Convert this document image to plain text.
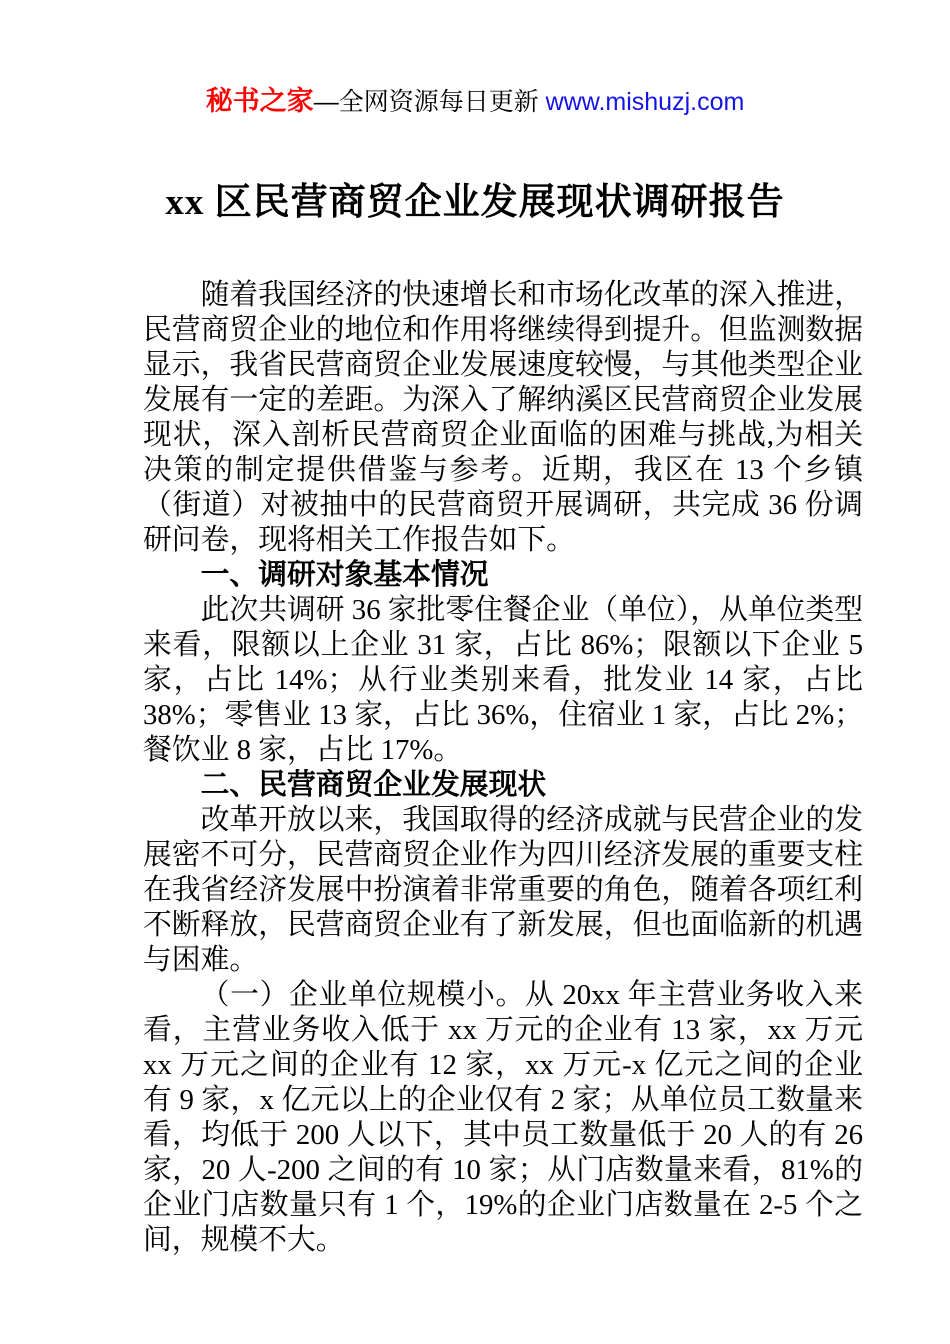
秘书之家—全网资源每日更新 www.mishuzj.com
xx 区民营商贸企业发展现状调研报告

随着我国经济的快速增长和市场化改革的深入推进，民营商贸企业的地位和作用将继续得到提升。但监测数据显示，我省民营商贸企业发展速度较慢，与其他类型企业发展有一定的差距。为深入了解纳溪区民营商贸企业发展现状，深入剖析民营商贸企业面临的困难与挑战,为相关决策的制定提供借鉴与参考。近期，我区在 13 个乡镇（街道）对被抽中的民营商贸开展调研，共完成 36 份调研问卷，现将相关工作报告如下。

一、调研对象基本情况

此次共调研 36 家批零住餐企业（单位），从单位类型来看，限额以上企业 31 家，占比 86%；限额以下企业 5 家，占比 14%；从行业类别来看，批发业 14 家，占比 38%；零售业 13 家，占比 36%，住宿业 1 家，占比 2%；餐饮业 8 家，占比 17%。

二、民营商贸企业发展现状

改革开放以来，我国取得的经济成就与民营企业的发展密不可分，民营商贸企业作为四川经济发展的重要支柱在我省经济发展中扮演着非常重要的角色，随着各项红利不断释放，民营商贸企业有了新发展，但也面临新的机遇与困难。

（一）企业单位规模小。从 20xx 年主营业务收入来看，主营业务收入低于 xx 万元的企业有 13 家，xx 万元 xx 万元之间的企业有 12 家，xx 万元-x 亿元之间的企业有 9 家，x 亿元以上的企业仅有 2 家；从单位员工数量来看，均低于 200 人以下，其中员工数量低于 20 人的有 26 家，20 人-200 之间的有 10 家；从门店数量来看，81%的企业门店数量只有 1 个，19%的企业门店数量在 2-5 个之间，规模不大。
